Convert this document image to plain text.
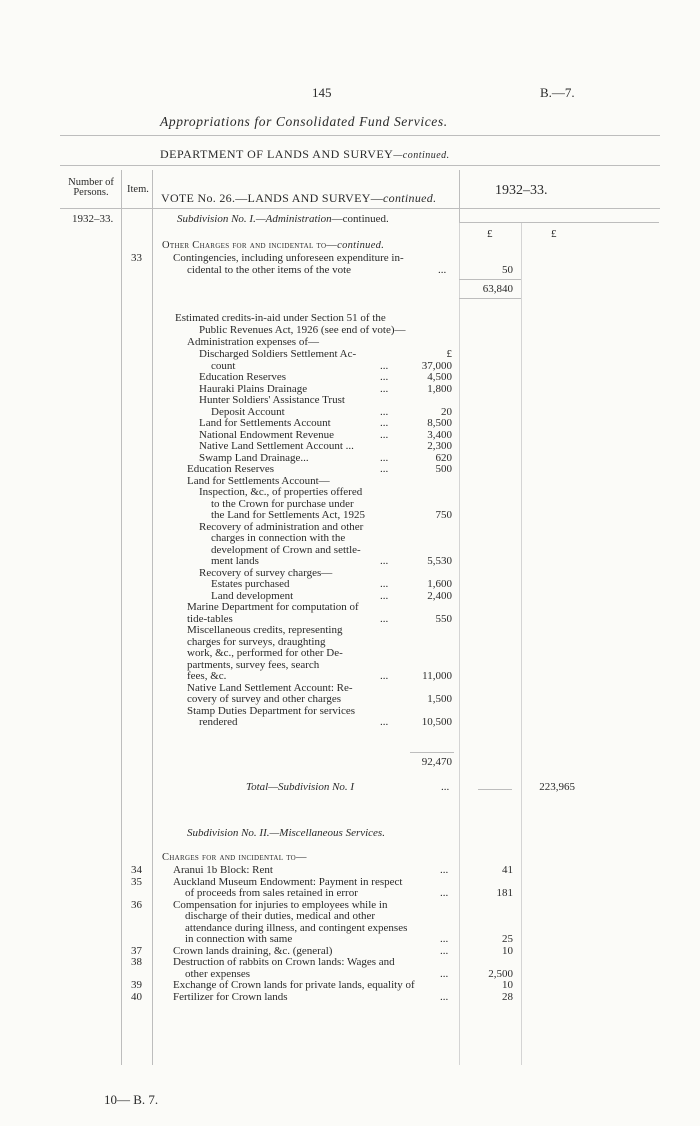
145	B.—7.
Appropriations for Consolidated Fund Services.
DEPARTMENT OF LANDS AND SURVEY—continued.
Number of Persons.	Item.
VOTE No. 26.—LANDS AND SURVEY—continued.	1932–33.
1932–33.	Subdivision No. I.—Administration—continued.
£	£
Other Charges for and incidental to—continued.
33	Contingencies, including unforeseen expenditure in-
cidental to the other items of the vote	...	50
63,840
Estimated credits-in-aid under Section 51 of the
Public Revenues Act, 1926 (see end of vote)—
Administration expenses of—
Discharged Soldiers Settlement Ac-	£
count	...	37,000
Education Reserves	...	4,500
Hauraki Plains Drainage	...	1,800
Hunter Soldiers' Assistance Trust
Deposit Account	...	20
Land for Settlements Account	...	8,500
National Endowment Revenue	...	3,400
Native Land Settlement Account ...	2,300
Swamp Land Drainage...	...	620
Education Reserves	...	500
Land for Settlements Account—
Inspection, &c., of properties offered
to the Crown for purchase under
the Land for Settlements Act, 1925	750
Recovery of administration and other
charges in connection with the
development of Crown and settle-
ment lands	...	5,530
Recovery of survey charges—
Estates purchased	...	1,600
Land development	...	2,400
Marine Department for computation of
tide-tables	...	550
Miscellaneous credits, representing
charges for surveys, draughting
work, &c., performed for other De-
partments, survey fees, search
fees, &c.	...	11,000
Native Land Settlement Account: Re-
covery of survey and other charges	1,500
Stamp Duties Department for services
rendered	...	10,500
92,470
Total—Subdivision No. I	...	223,965
Subdivision No. II.—Miscellaneous Services.
Charges for and incidental to—
34	Aranui 1b Block: Rent	...	41
35	Auckland Museum Endowment: Payment in respect
of proceeds from sales retained in error	...	181
36	Compensation for injuries to employees while in
discharge of their duties, medical and other
attendance during illness, and contingent expenses
in connection with same	...	25
37	Crown lands draining, &c. (general)	...	10
38	Destruction of rabbits on Crown lands: Wages and
other expenses	...	2,500
39	Exchange of Crown lands for private lands, equality of	10
40	Fertilizer for Crown lands	...	28
10— B. 7.
